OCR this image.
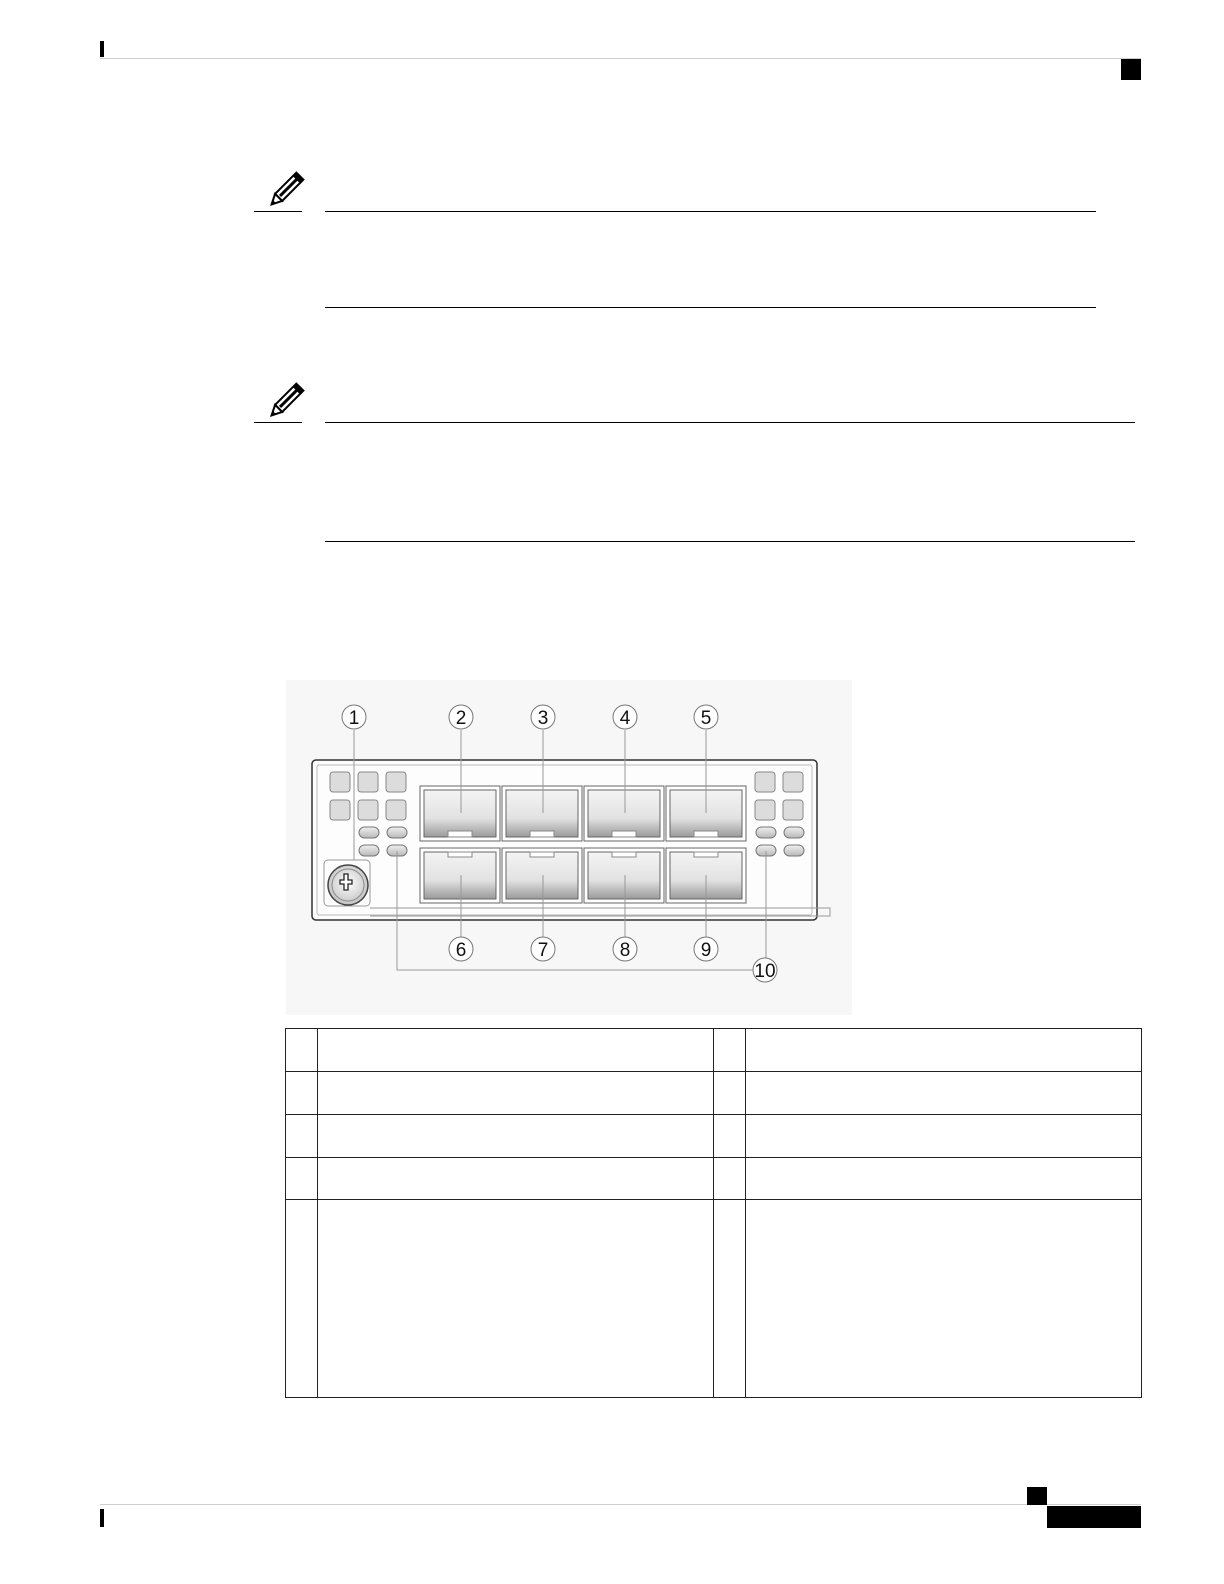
1	2	3	4	5
6	7	8	9
10
